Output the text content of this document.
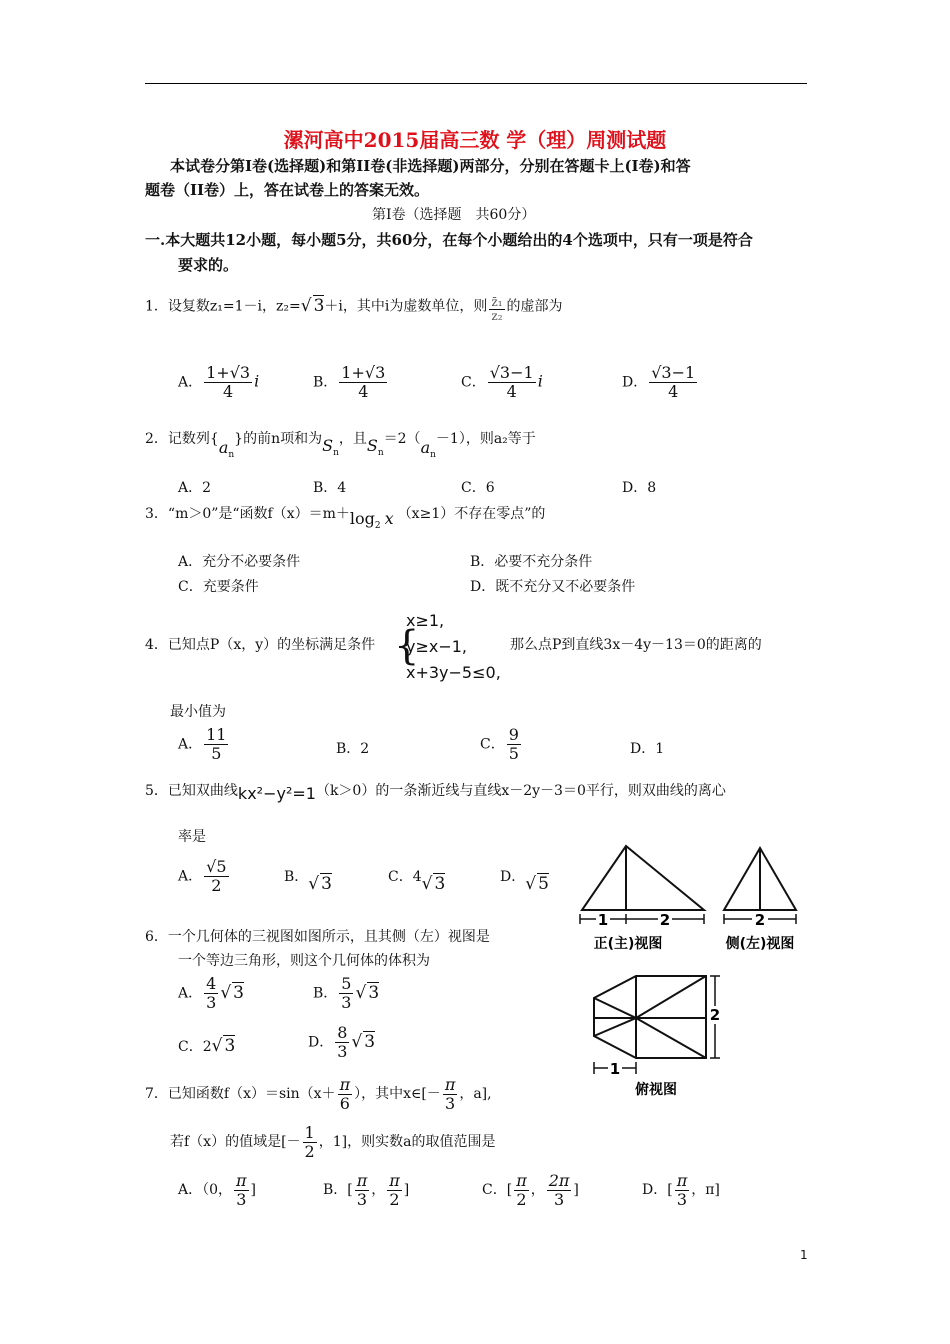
漯河高中2015届高三数 学（理）周测试题
本试卷分第Ⅰ卷(选择题)和第II卷(非选择题)两部分，分别在答题卡上(Ⅰ卷)和答
题卷（II卷）上，答在试卷上的答案无效。
第Ⅰ卷（选择题　共60分）
一.本大题共12小题，每小题5分，共60分，在每个小题给出的4个选项中，只有一项是符合
要求的。
1．设复数z₁=1－i，z₂=√ 3＋i，其中i为虚数单位，则 $\frac{\text{z̄₁}}{\text{z₂}}$ 的虚部为
A． $\frac{1+√3}{4}$ i	B． $\frac{1+√3}{4}$	C． $\frac{√3-1}{4}$ i	D． $\frac{√3-1}{4}$
2．记数列$\{a_n\}$的前n项和为$S_n$，且$S_n=2(a_n-1)$，则a₂等于
A．2	B．4	C．6	D．8
3．“m＞0”是“函数$f(x)=m+\log_2$ x （x≥1）不存在零点”的
A．充分不必要条件	B．必要不充分条件
C．充要条件	D．既不充分又不必要条件
4．已知点P（x，y）的坐标满足条件 {
x≥1,
y≥x−1,
x+3y−5≤0,
那么点P到直线3x－4y－13＝0的距离的
最小值为
A． $\frac{11}{5}$	B．2	C． $\frac{9}{5}$	D．1
5．已知双曲线kx²−y²=1（k＞0）的一条渐近线与直线x－2y－3＝0平行，则双曲线的离心
率是
A． $\frac{√5}{2}$	B．√ 3	C．4√ 3	D．√ 5
6．一个几何体的三视图如图所示，且其侧（左）视图是
一个等边三角形，则这个几何体的体积为
A． $\frac{4}{3}$ √ 3	B． $\frac{5}{3}$ √ 3
C．2√ 3	D． $\frac{8}{3}$ √ 3
1	2
正(主)视图
2
侧(左)视图
2
1
俯视图
7．已知函数$f(x)=\sin(x+ \frac{\pi}{6}$ ），其中x∈[－ $\frac{\pi}{3}$ ，a],
若f（x）的值域是[－ $\frac{1}{2}$ ，1]，则实数a的取值范围是
A．（0， $\frac{\pi}{3}$ ]	B．[ $\frac{\pi}{3}$ ， $\frac{\pi}{2}$ ]	C．[ $\frac{\pi}{2}$ ， $\frac{2\pi}{3}$ ]	D．[ $\frac{\pi}{3}$ ，π]
1
